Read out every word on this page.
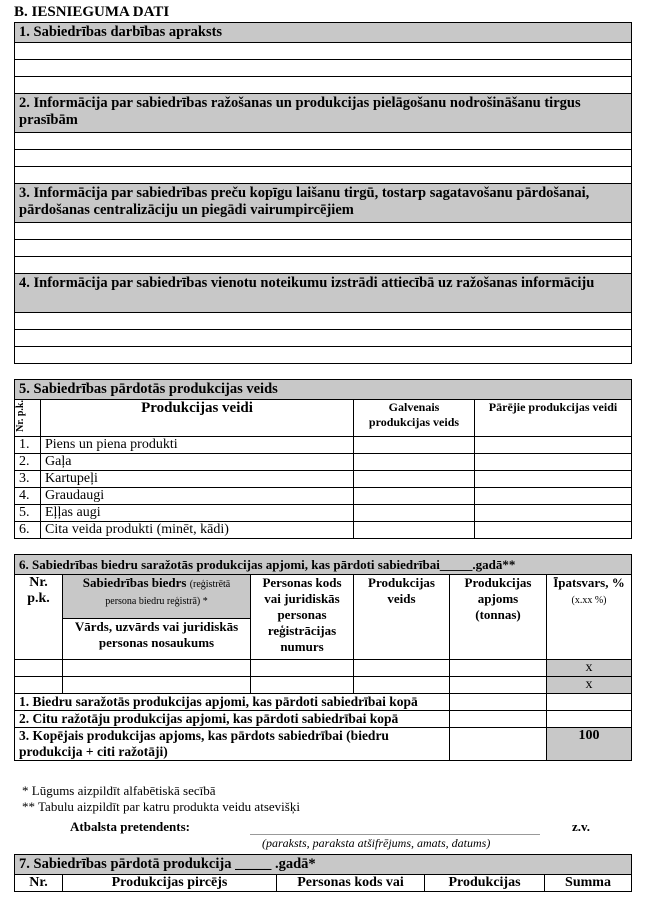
B. IESNIEGUMA DATI
1. Sabiedrības darbības apraksts

2. Informācija par sabiedrības ražošanas un produkcijas pielāgošanu nodrošināšanu tirgus prasībām

3. Informācija par sabiedrības preču kopīgu laišanu tirgū, tostarp sagatavošanu pārdošanai, pārdošanas centralizāciju un piegādi vairumpircējiem

4. Informācija par sabiedrības vienotu noteikumu izstrādi attiecībā uz ražošanas informāciju

5. Sabiedrības pārdotās produkcijas veids			

Nr. p.k.	Produkcijas veidi	Galvenais produkcijas veids	Pārējie produkcijas veidi
1.	Piens un piena produkti		
2.	Gaļa		
3.	Kartupeļi		
4.	Graudaugi		
5.	Eļļas augi		
6.	Cita veida produkti (minēt, kādi)		
6. Sabiedrības biedru saražotās produkcijas apjomi, kas pārdoti sabiedrībai_____.gadā**					
Nr. p.k.	Sabiedrības biedrs (reģistrētā persona biedru reģistrā) *	Personas kods vai juridiskās personas reģistrācijas numurs	Produkcijas veids	Produkcijas apjoms (tonnas)	Īpatsvars, % (x.xx %)
	Vārds, uzvārds vai juridiskās personas nosaukums				
					x
					x
1. Biedru saražotās produkcijas apjomi, kas pārdoti sabiedrībai kopā					
2. Citu ražotāju produkcijas apjomi, kas pārdoti sabiedrībai kopā					
3. Kopējais produkcijas apjoms, kas pārdots sabiedrībai (biedru produkcija + citi ražotāji)					100
* Lūgums aizpildīt alfabētiskā secībā
** Tabulu aizpildīt par katru produkta veidu atsevišķi
Atbalsta pretendents:	z.v.
(paraksts, paraksta atšifrējums, amats, datums)
7. Sabiedrības pārdotā produkcija _____ .gadā*
Nr.	Produkcijas pircējs	Personas kods vai	Produkcijas	Summa
